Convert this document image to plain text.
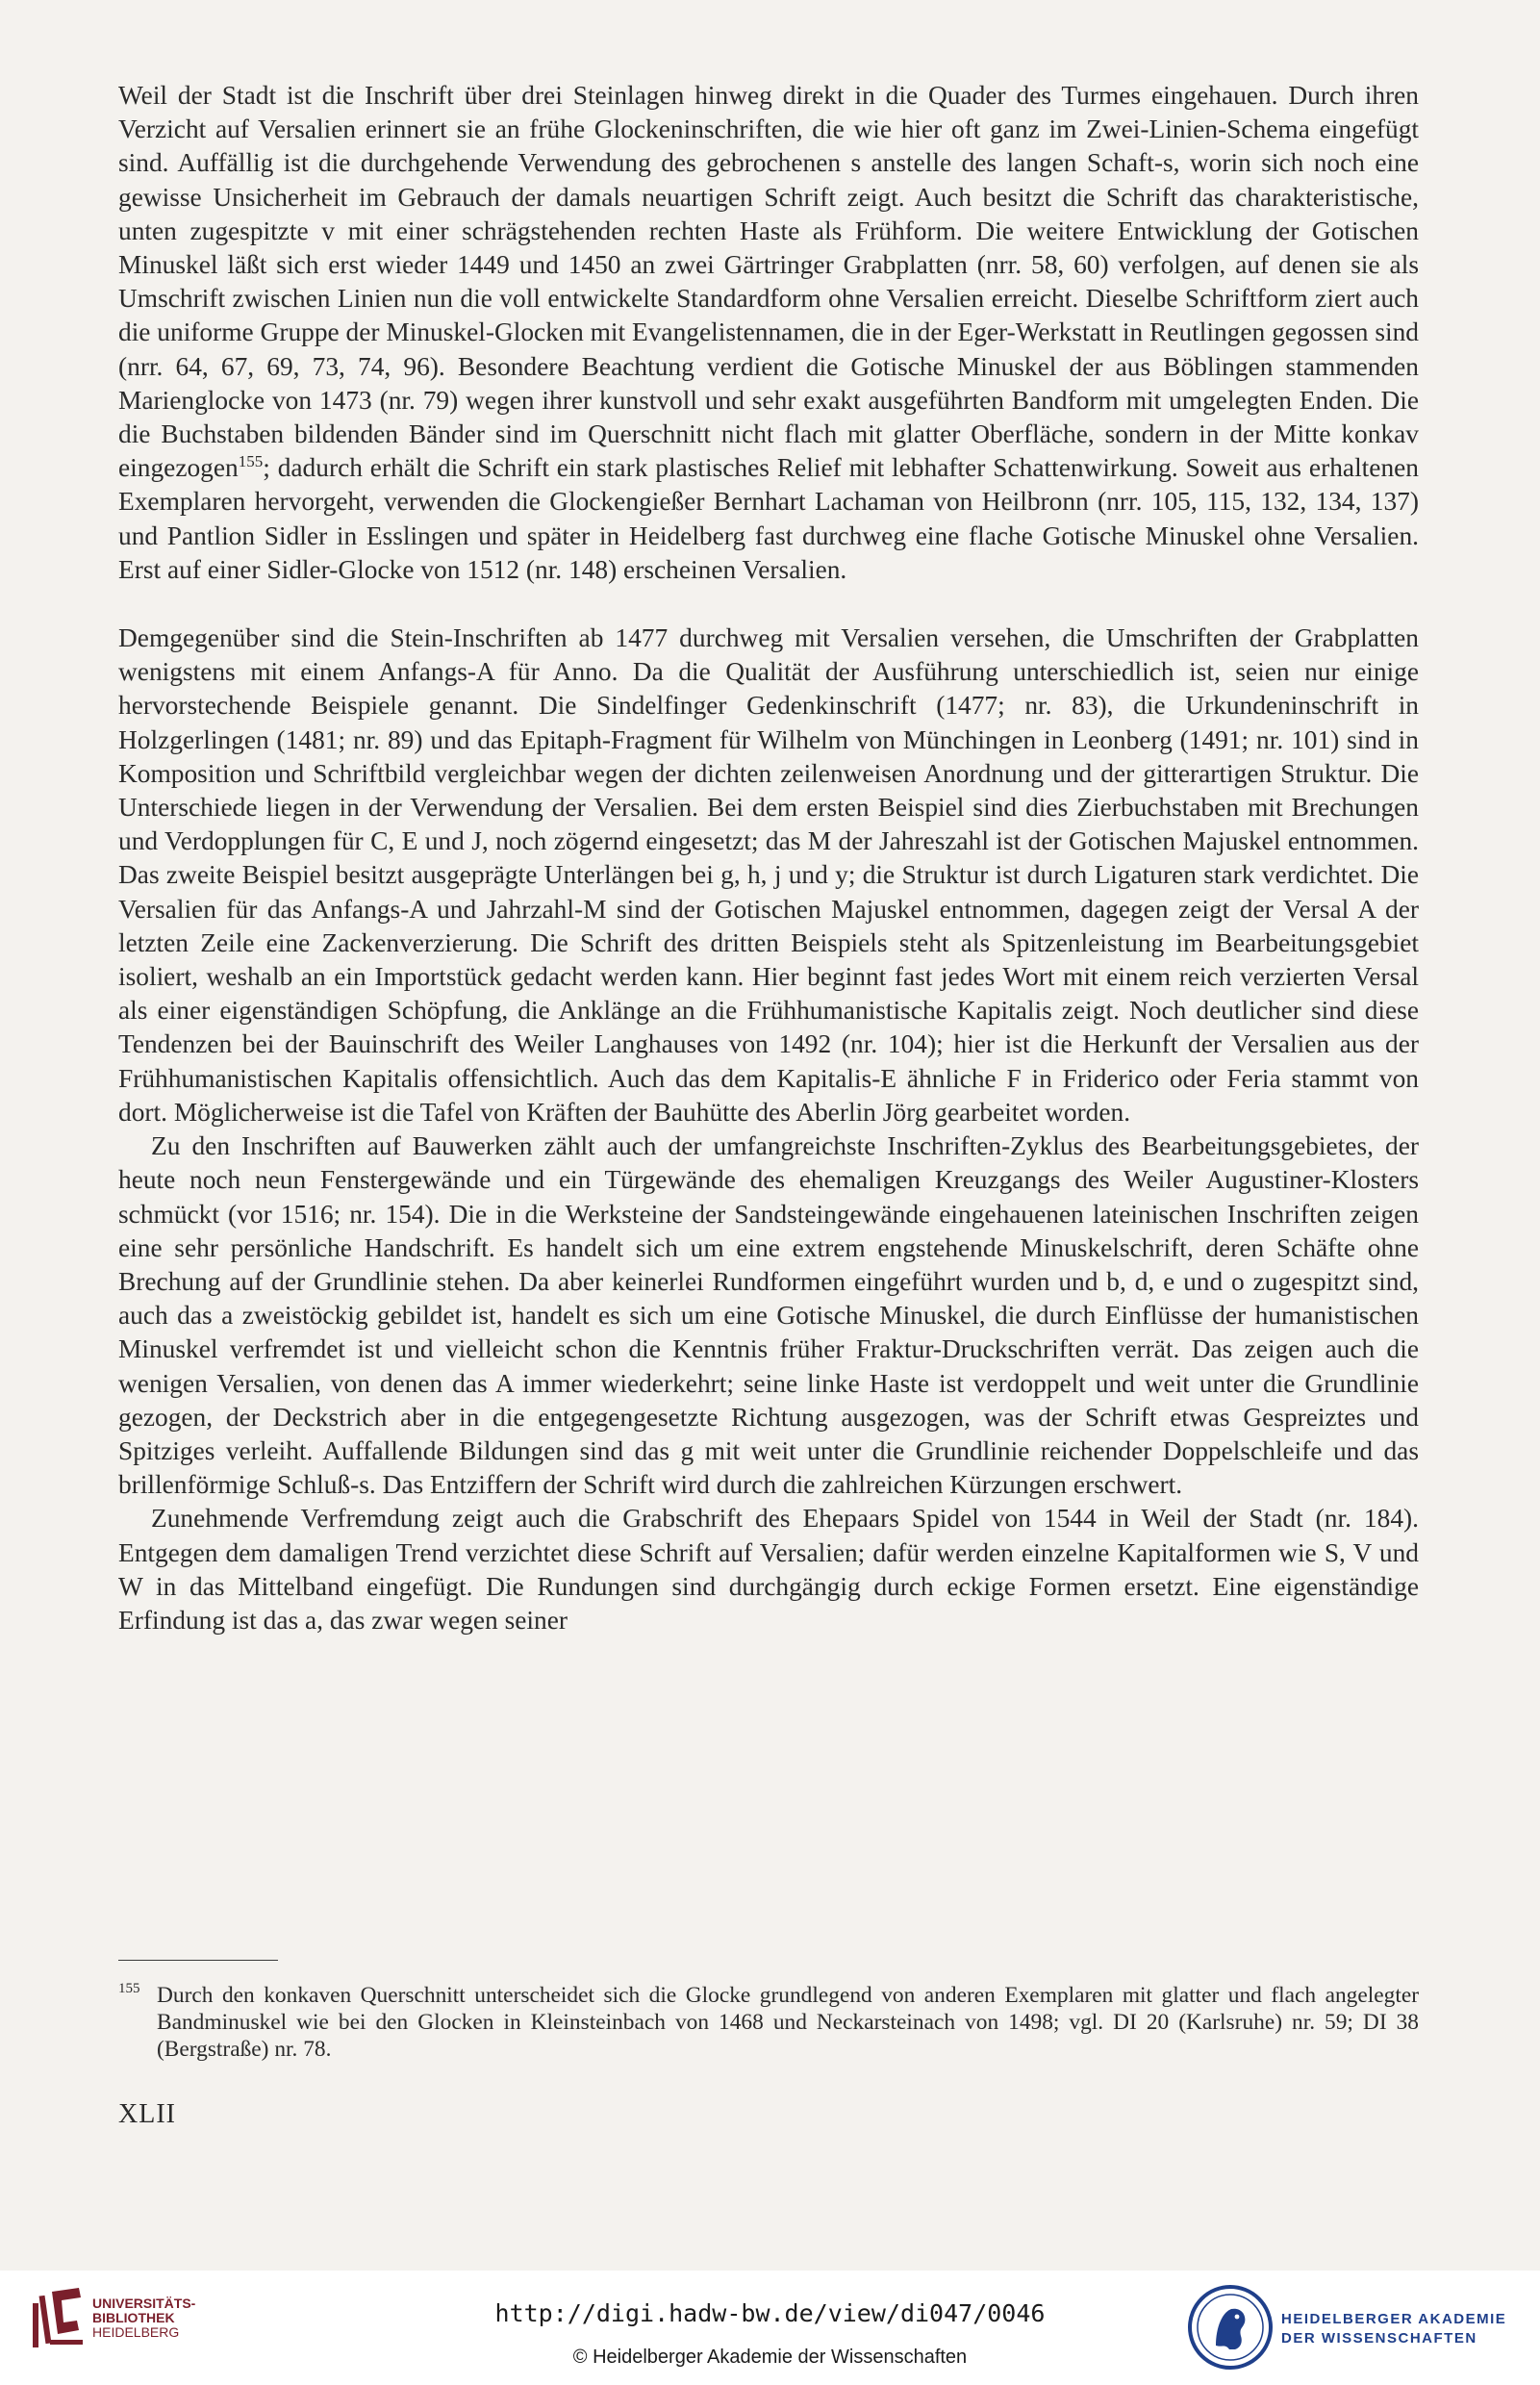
Weil der Stadt ist die Inschrift über drei Steinlagen hinweg direkt in die Quader des Turmes eingehauen. Durch ihren Verzicht auf Versalien erinnert sie an frühe Glockeninschriften, die wie hier oft ganz im Zwei-Linien-Schema eingefügt sind. Auffällig ist die durchgehende Verwendung des gebrochenen s anstelle des langen Schaft-s, worin sich noch eine gewisse Unsicherheit im Gebrauch der damals neuartigen Schrift zeigt. Auch besitzt die Schrift das charakteristische, unten zugespitzte v mit einer schrägstehenden rechten Haste als Frühform. Die weitere Entwicklung der Gotischen Minuskel läßt sich erst wieder 1449 und 1450 an zwei Gärtringer Grabplatten (nrr. 58, 60) verfolgen, auf denen sie als Umschrift zwischen Linien nun die voll entwickelte Standardform ohne Versalien erreicht. Dieselbe Schriftform ziert auch die uniforme Gruppe der Minuskel-Glocken mit Evangelistennamen, die in der Eger-Werkstatt in Reutlingen gegossen sind (nrr. 64, 67, 69, 73, 74, 96). Besondere Beachtung verdient die Gotische Minuskel der aus Böblingen stammenden Marienglocke von 1473 (nr. 79) wegen ihrer kunstvoll und sehr exakt ausgeführten Bandform mit umgelegten Enden. Die die Buchstaben bildenden Bänder sind im Querschnitt nicht flach mit glatter Oberfläche, sondern in der Mitte konkav eingezogen$^{155}$; dadurch erhält die Schrift ein stark plastisches Relief mit lebhafter Schattenwirkung. Soweit aus erhaltenen Exemplaren hervorgeht, verwenden die Glockengießer Bernhart Lachaman von Heilbronn (nrr. 105, 115, 132, 134, 137) und Pantlion Sidler in Esslingen und später in Heidelberg fast durchweg eine flache Gotische Minuskel ohne Versalien. Erst auf einer Sidler-Glocke von 1512 (nr. 148) erscheinen Versalien.

Demgegenüber sind die Stein-Inschriften ab 1477 durchweg mit Versalien versehen, die Umschriften der Grabplatten wenigstens mit einem Anfangs-A für Anno. Da die Qualität der Ausführung unterschiedlich ist, seien nur einige hervorstechende Beispiele genannt. Die Sindelfinger Gedenkinschrift (1477; nr. 83), die Urkundeninschrift in Holzgerlingen (1481; nr. 89) und das Epitaph-Fragment für Wilhelm von Münchingen in Leonberg (1491; nr. 101) sind in Komposition und Schriftbild vergleichbar wegen der dichten zeilenweisen Anordnung und der gitterartigen Struktur. Die Unterschiede liegen in der Verwendung der Versalien. Bei dem ersten Beispiel sind dies Zierbuchstaben mit Brechungen und Verdopplungen für C, E und J, noch zögernd eingesetzt; das M der Jahreszahl ist der Gotischen Majuskel entnommen. Das zweite Beispiel besitzt ausgeprägte Unterlängen bei g, h, j und y; die Struktur ist durch Ligaturen stark verdichtet. Die Versalien für das Anfangs-A und Jahrzahl-M sind der Gotischen Majuskel entnommen, dagegen zeigt der Versal A der letzten Zeile eine Zackenverzierung. Die Schrift des dritten Beispiels steht als Spitzenleistung im Bearbeitungsgebiet isoliert, weshalb an ein Importstück gedacht werden kann. Hier beginnt fast jedes Wort mit einem reich verzierten Versal als einer eigenständigen Schöpfung, die Anklänge an die Frühhumanistische Kapitalis zeigt. Noch deutlicher sind diese Tendenzen bei der Bauinschrift des Weiler Langhauses von 1492 (nr. 104); hier ist die Herkunft der Versalien aus der Frühhumanistischen Kapitalis offensichtlich. Auch das dem Kapitalis-E ähnliche F in Friderico oder Feria stammt von dort. Möglicherweise ist die Tafel von Kräften der Bauhütte des Aberlin Jörg gearbeitet worden.

Zu den Inschriften auf Bauwerken zählt auch der umfangreichste Inschriften-Zyklus des Bearbeitungsgebietes, der heute noch neun Fenstergewände und ein Türgewände des ehemaligen Kreuzgangs des Weiler Augustiner-Klosters schmückt (vor 1516; nr. 154). Die in die Werksteine der Sandsteingewände eingehauenen lateinischen Inschriften zeigen eine sehr persönliche Handschrift. Es handelt sich um eine extrem engstehende Minuskelschrift, deren Schäfte ohne Brechung auf der Grundlinie stehen. Da aber keinerlei Rundformen eingeführt wurden und b, d, e und o zugespitzt sind, auch das a zweistöckig gebildet ist, handelt es sich um eine Gotische Minuskel, die durch Einflüsse der humanistischen Minuskel verfremdet ist und vielleicht schon die Kenntnis früher Fraktur-Druckschriften verrät. Das zeigen auch die wenigen Versalien, von denen das A immer wiederkehrt; seine linke Haste ist verdoppelt und weit unter die Grundlinie gezogen, der Deckstrich aber in die entgegengesetzte Richtung ausgezogen, was der Schrift etwas Gespreiztes und Spitziges verleiht. Auffallende Bildungen sind das g mit weit unter die Grundlinie reichender Doppelschleife und das brillenförmige Schluß-s. Das Entziffern der Schrift wird durch die zahlreichen Kürzungen erschwert.

Zunehmende Verfremdung zeigt auch die Grabschrift des Ehepaars Spidel von 1544 in Weil der Stadt (nr. 184). Entgegen dem damaligen Trend verzichtet diese Schrift auf Versalien; dafür werden einzelne Kapitalformen wie S, V und W in das Mittelband eingefügt. Die Rundungen sind durchgängig durch eckige Formen ersetzt. Eine eigenständige Erfindung ist das a, das zwar wegen seiner

155 Durch den konkaven Querschnitt unterscheidet sich die Glocke grundlegend von anderen Exemplaren mit glatter und flach angelegter Bandminuskel wie bei den Glocken in Kleinsteinbach von 1468 und Neckarsteinach von 1498; vgl. DI 20 (Karlsruhe) nr. 59; DI 38 (Bergstraße) nr. 78.

XLII
UNIVERSITÄTS-
BIBLIOTHEK
HEIDELBERG
http://digi.hadw-bw.de/view/di047/0046
© Heidelberger Akademie der Wissenschaften
HEIDELBERGER AKADEMIE
DER WISSENSCHAFTEN
